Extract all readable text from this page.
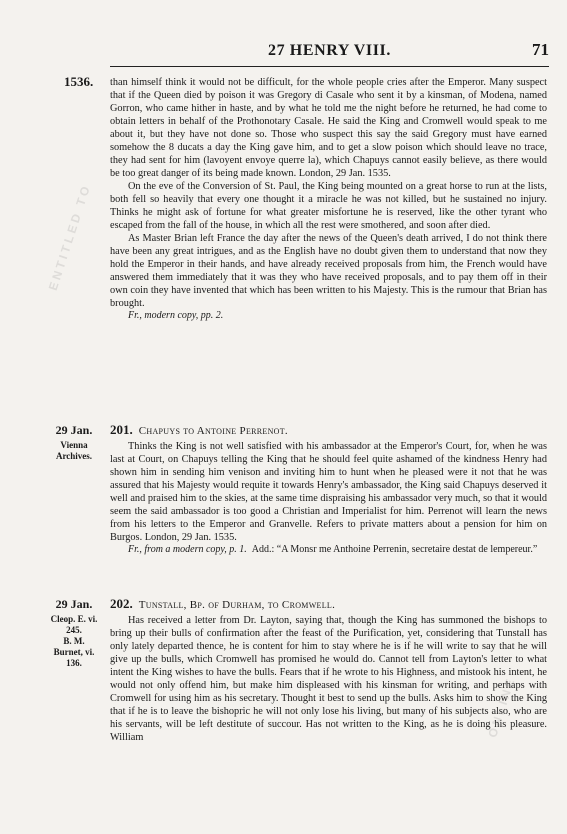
27 HENRY VIII.	71
1536. than himself think it would not be difficult, for the whole people cries after the Emperor. Many suspect that if the Queen died by poison it was Gregory di Casale who sent it by a kinsman, of Modena, named Gorron, who came hither in haste, and by what he told me the night before he returned, he had come to obtain letters in behalf of the Prothonotary Casale. He said the King and Cromwell would speak to me about it, but they have not done so. Those who suspect this say the said Gregory must have earned somehow the 8 ducats a day the King gave him, and to get a slow poison which should leave no trace, they had sent for him (lavoyent envoye querre la), which Chapuys cannot easily believe, as there would be too great danger of its being made known. London, 29 Jan. 1535.

On the eve of the Conversion of St. Paul, the King being mounted on a great horse to run at the lists, both fell so heavily that every one thought it a miracle he was not killed, but he sustained no injury. Thinks he might ask of fortune for what greater misfortune he is reserved, like the other tyrant who escaped from the fall of the house, in which all the rest were smothered, and soon after died.

As Master Brian left France the day after the news of the Queen's death arrived, I do not think there have been any great intrigues, and as the English have no doubt given them to understand that now they hold the Emperor in their hands, and have already received proposals from him, the French would have answered them immediately that it was they who have received proposals, and to pay them off in their own coin they have invented that which has been written to his Majesty. This is the rumour that Brian has brought.

Fr., modern copy, pp. 2.

29 Jan.
Vienna
Archives.
201. Chapuys to Antoine Perrenot.

Thinks the King is not well satisfied with his ambassador at the Emperor's Court, for, when he was last at Court, on Chapuys telling the King that he should feel quite ashamed of the kindness Henry had shown him in sending him venison and inviting him to hunt when he pleased were it not that he was assured that his Majesty would requite it towards Henry's ambassador, the King said Chapuys deserved it well and praised him to the skies, at the same time dispraising his ambassador very much, so that it would seem the said ambassador is too good a Christian and Imperialist for him. Perrenot will learn the news from his letters to the Emperor and Granvelle. Refers to private matters about a pension for him on Burgos. London, 29 Jan. 1535.

Fr., from a modern copy, p. 1. Add.: “A Monsr me Anthoine Perrenin, secretaire destat de lempereur.”

29 Jan.
Cleop. E. vi.
245.
B. M.
Burnet, vi.
136.
202. Tunstall, Bp. of Durham, to Cromwell.

Has received a letter from Dr. Layton, saying that, though the King has summoned the bishops to bring up their bulls of confirmation after the feast of the Purification, yet, considering that Tunstall has only lately departed thence, he is content for him to stay where he is if he will write to say that he will give up the bulls, which Cromwell has promised he would do. Cannot tell from Layton's letter to what intent the King wishes to have the bulls. Fears that if he wrote to his Highness, and mistook his intent, he would not only offend him, but make him displeased with his kinsman for writing, and perhaps with Cromwell for using him as his secretary. Thought it best to send up the bulls. Asks him to show the King that if he is to leave the bishopric he will not only lose his living, but many of his subjects also, who are his servants, will be left destitute of succour. Has not written to the King, as he is doing his pleasure. William

ENTITLED TO
ONLINE
